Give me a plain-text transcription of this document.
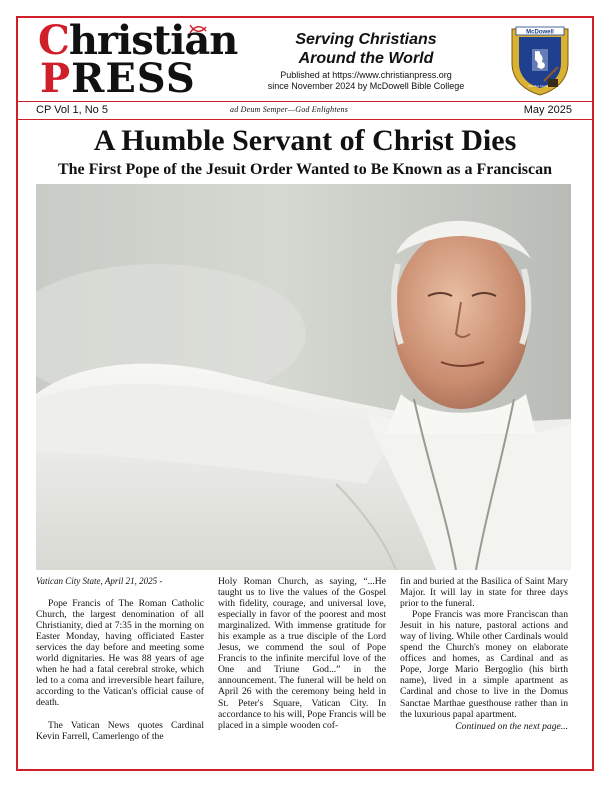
Christian
PRESS
Serving Christians
Around the World
Published at https://www.christianpress.org
since November 2024 by McDowell Bible College
McDowell
Soli Deo Gloria
CP Vol 1, No 5	ad Deum Semper—God Enlightens	May 2025
A Humble Servant of Christ Dies
The First Pope of the Jesuit Order Wanted to Be Known as a Franciscan

Vatican City State, April 21, 2025 -

Pope Francis of The Roman Catholic Church, the largest denomination of all Christianity, died at 7:35 in the morning on Easter Monday, having officiated Easter services the day before and meeting some world dignitaries. He was 88 years of age when he had a fatal cerebral stroke, which led to a coma and irreversible heart failure, according to the Vatican's official cause of death.

The Vatican News quotes Cardinal Kevin Farrell, Camerlengo of the

Holy Roman Church, as saying, “...He taught us to live the values of the Gospel with fidelity, courage, and universal love, especially in favor of the poorest and most marginalized. With immense gratitude for his example as a true disciple of the Lord Jesus, we commend the soul of Pope Francis to the infinite merciful love of the One and Triune God...” in the announcement. The funeral will be held on April 26 with the ceremony being held in St. Peter's Square, Vatican City. In accordance to his will, Pope Francis will be placed in a simple wooden cof-

fin and buried at the Basilica of Saint Mary Major. It will lay in state for three days prior to the funeral.

Pope Francis was more Franciscan than Jesuit in his nature, pastoral actions and way of living. While other Cardinals would spend the Church's money on elaborate offices and homes, as Cardinal and as Pope, Jorge Mario Bergoglio (his birth name), lived in a simple apartment as Cardinal and chose to live in the Domus Sanctae Marthae guesthouse rather than in the luxurious papal apartment.

Continued on the next page...
